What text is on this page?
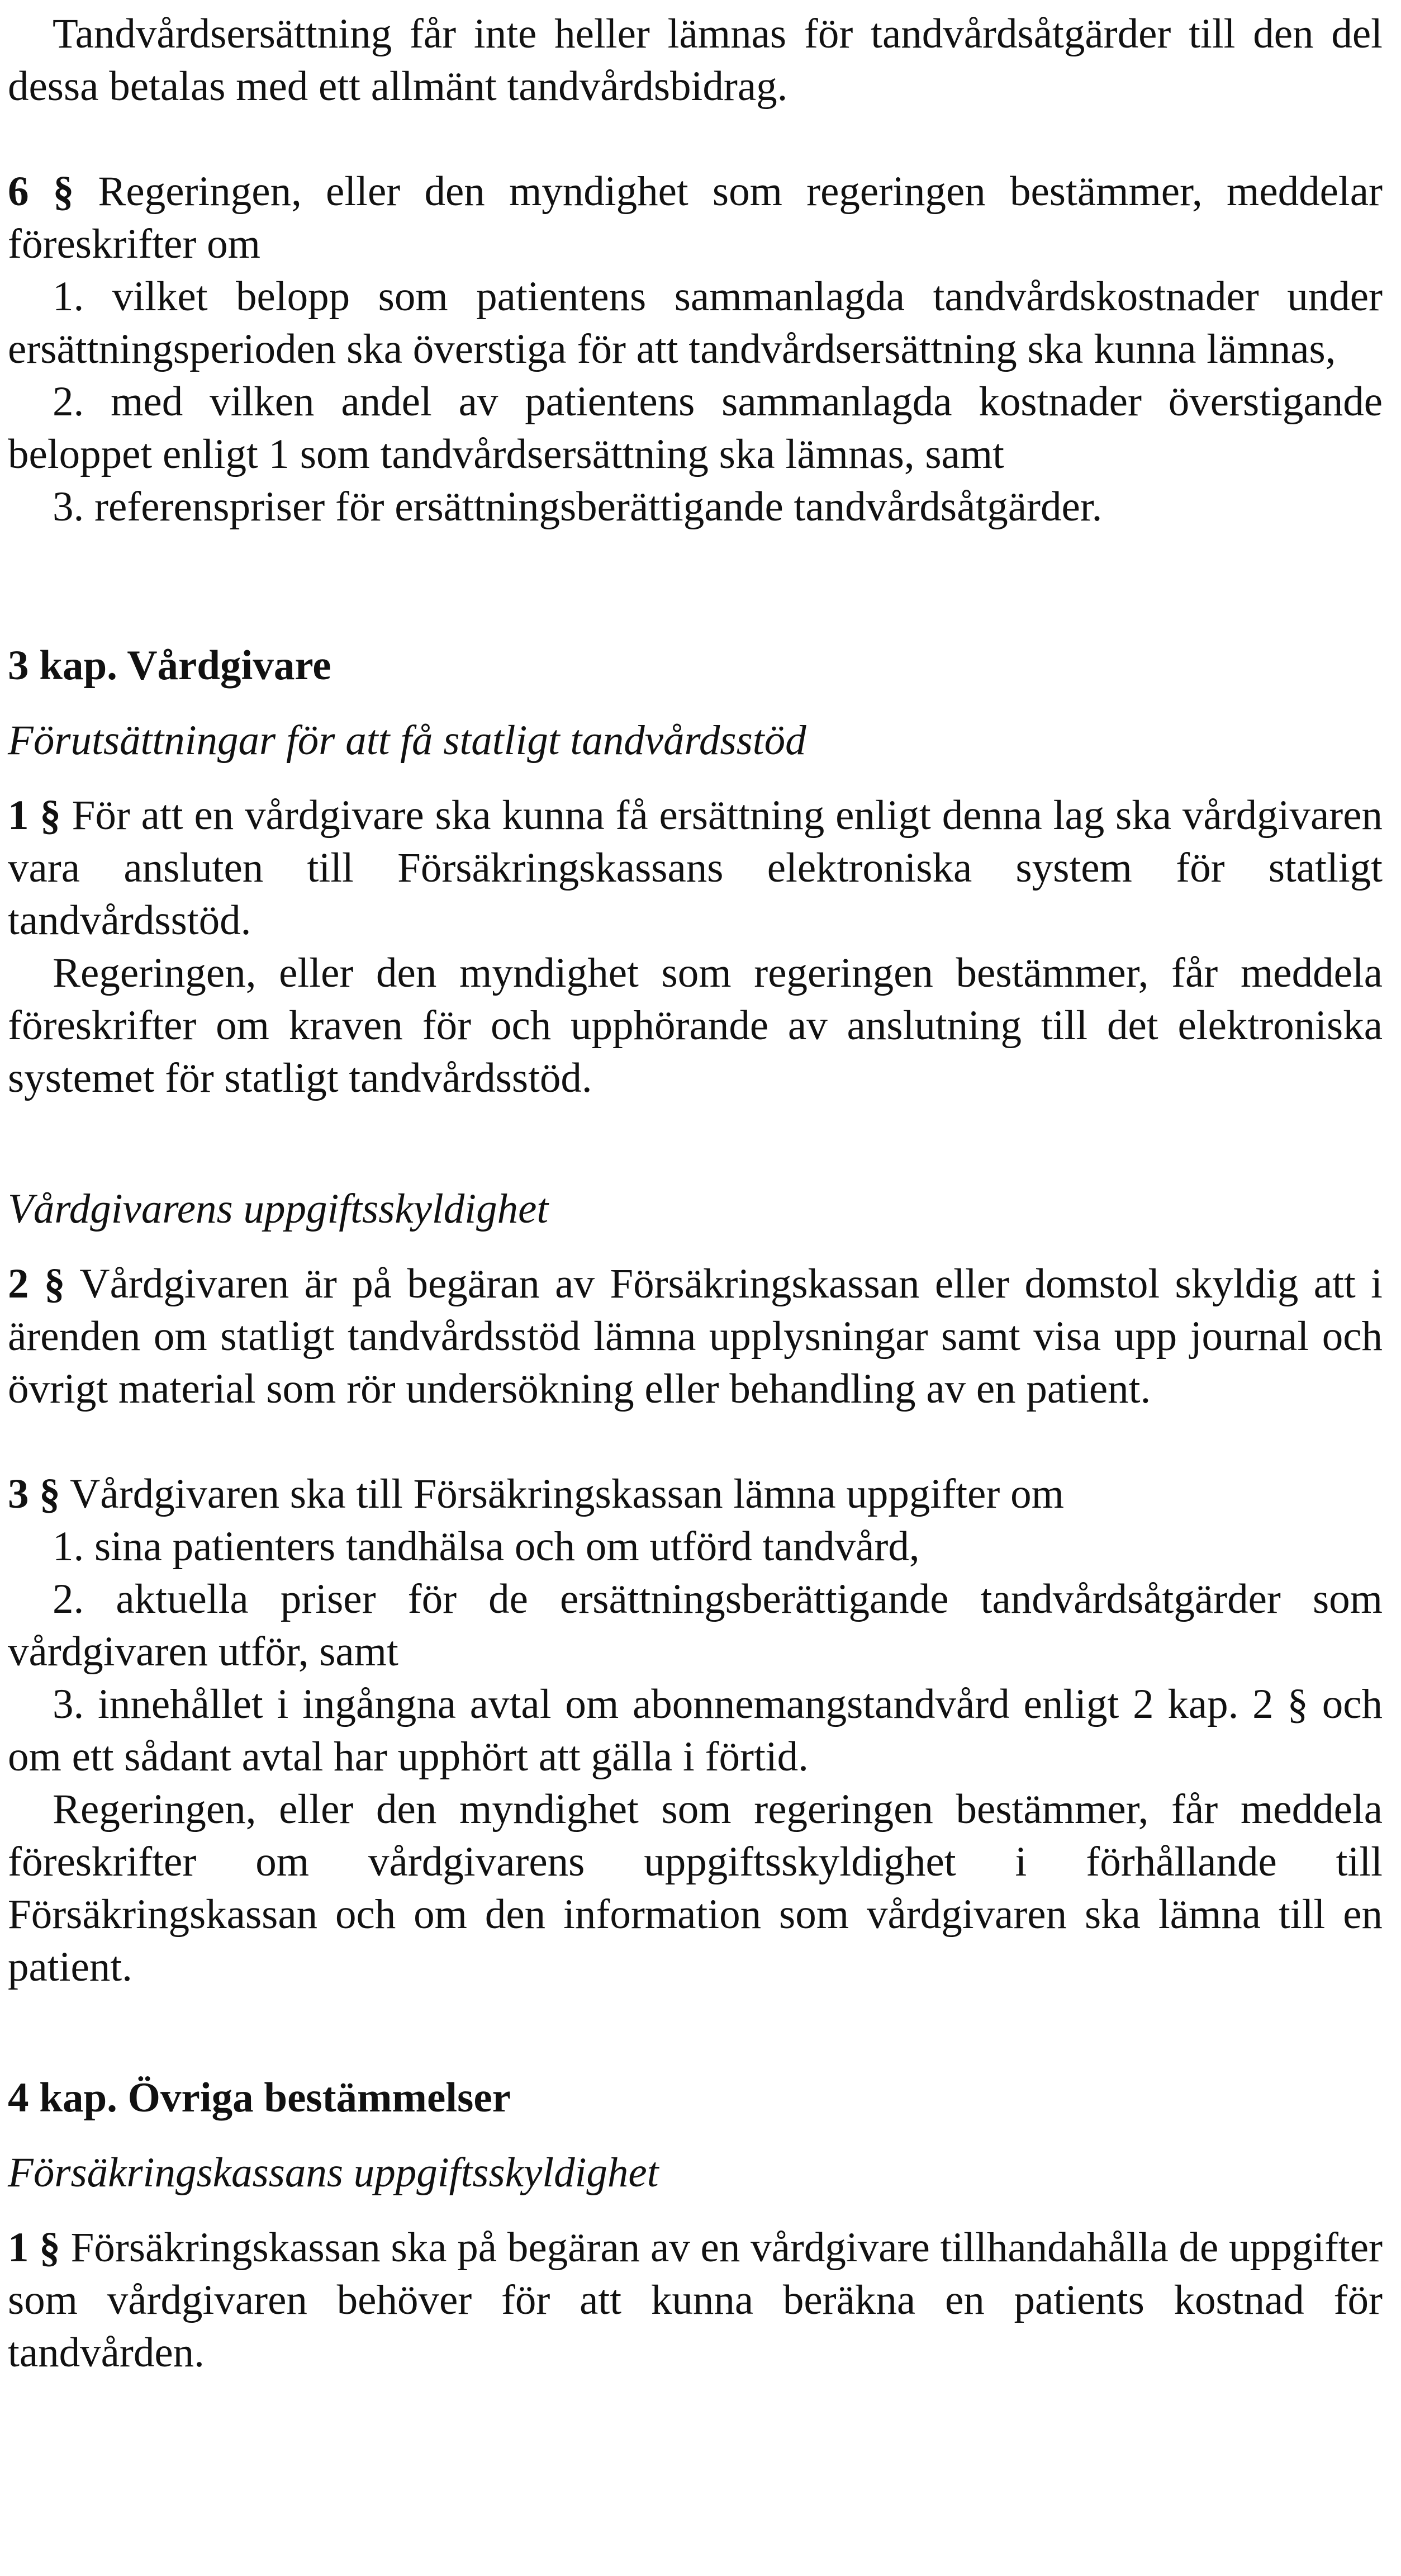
Tandvårdsersättning får inte heller lämnas för tandvårdsåtgärder till den del dessa betalas med ett allmänt tandvårdsbidrag.

6 § Regeringen, eller den myndighet som regeringen bestämmer, meddelar föreskrifter om

1. vilket belopp som patientens sammanlagda tandvårdskostnader under ersättningsperioden ska överstiga för att tandvårdsersättning ska kunna lämnas,

2. med vilken andel av patientens sammanlagda kostnader överstigande beloppet enligt 1 som tandvårdsersättning ska lämnas, samt

3. referenspriser för ersättningsberättigande tandvårdsåtgärder.

3 kap. Vårdgivare

Förutsättningar för att få statligt tandvårdsstöd

1 § För att en vårdgivare ska kunna få ersättning enligt denna lag ska vårdgivaren vara ansluten till Försäkringskassans elektroniska system för statligt tandvårdsstöd.

Regeringen, eller den myndighet som regeringen bestämmer, får meddela föreskrifter om kraven för och upphörande av anslutning till det elektroniska systemet för statligt tandvårdsstöd.

Vårdgivarens uppgiftsskyldighet

2 § Vårdgivaren är på begäran av Försäkringskassan eller domstol skyldig att i ärenden om statligt tandvårdsstöd lämna upplysningar samt visa upp journal och övrigt material som rör undersökning eller behandling av en patient.

3 § Vårdgivaren ska till Försäkringskassan lämna uppgifter om

1. sina patienters tandhälsa och om utförd tandvård,

2. aktuella priser för de ersättningsberättigande tandvårdsåtgärder som vårdgivaren utför, samt

3. innehållet i ingångna avtal om abonnemangstandvård enligt 2 kap. 2 § och om ett sådant avtal har upphört att gälla i förtid.

Regeringen, eller den myndighet som regeringen bestämmer, får meddela föreskrifter om vårdgivarens uppgiftsskyldighet i förhållande till Försäkringskassan och om den information som vårdgivaren ska lämna till en patient.

4 kap. Övriga bestämmelser

Försäkringskassans uppgiftsskyldighet

1 § Försäkringskassan ska på begäran av en vårdgivare tillhandahålla de uppgifter som vårdgivaren behöver för att kunna beräkna en patients kostnad för tandvården.
